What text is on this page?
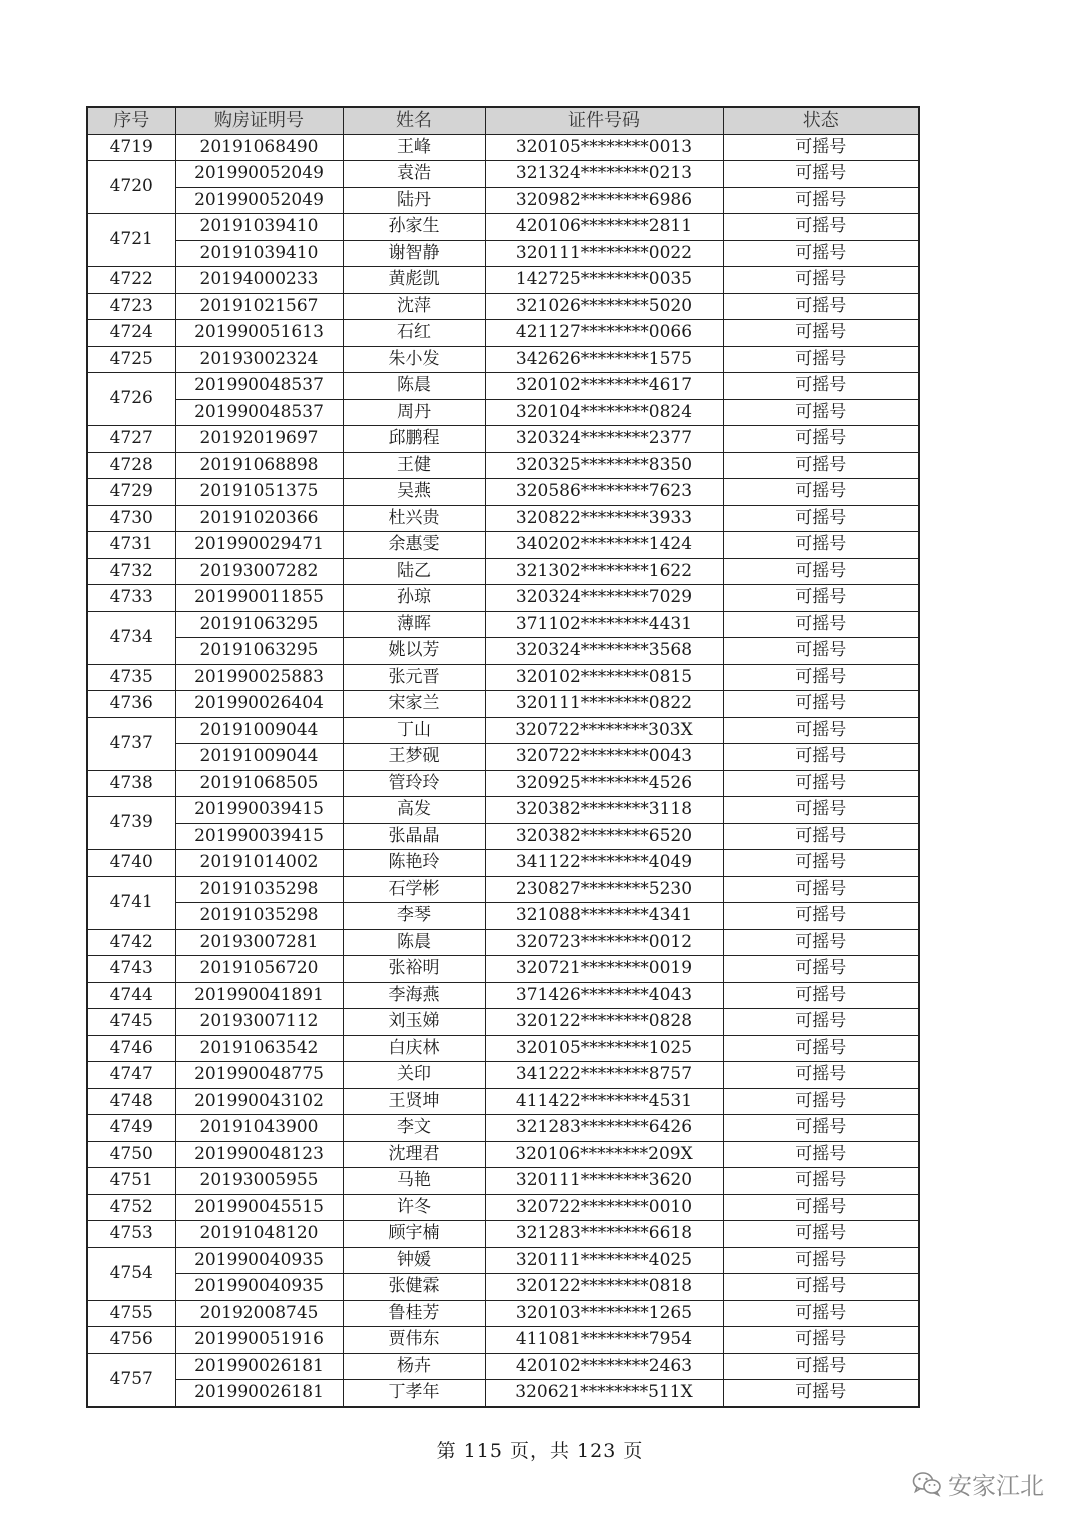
序号	购房证明号	姓名	证件号码	状态
4719	20191068490	王峰	320105********0013	可摇号
4720	201990052049	袁浩	321324********0213	可摇号
	201990052049	陆丹	320982********6986	可摇号
4721	20191039410	孙家生	420106********2811	可摇号
	20191039410	谢智静	320111********0022	可摇号
4722	20194000233	黄彪凯	142725********0035	可摇号
4723	20191021567	沈萍	321026********5020	可摇号
4724	201990051613	石红	421127********0066	可摇号
4725	20193002324	朱小发	342626********1575	可摇号
4726	201990048537	陈晨	320102********4617	可摇号
	201990048537	周丹	320104********0824	可摇号
4727	20192019697	邱鹏程	320324********2377	可摇号
4728	20191068898	王健	320325********8350	可摇号
4729	20191051375	吴燕	320586********7623	可摇号
4730	20191020366	杜兴贵	320822********3933	可摇号
4731	201990029471	余惠雯	340202********1424	可摇号
4732	20193007282	陆乙	321302********1622	可摇号
4733	201990011855	孙琼	320324********7029	可摇号
4734	20191063295	薄晖	371102********4431	可摇号
	20191063295	姚以芳	320324********3568	可摇号
4735	201990025883	张元晋	320102********0815	可摇号
4736	201990026404	宋家兰	320111********0822	可摇号
4737	20191009044	丁山	320722********303X	可摇号
	20191009044	王梦砚	320722********0043	可摇号
4738	20191068505	管玲玲	320925********4526	可摇号
4739	201990039415	高发	320382********3118	可摇号
	201990039415	张晶晶	320382********6520	可摇号
4740	20191014002	陈艳玲	341122********4049	可摇号
4741	20191035298	石学彬	230827********5230	可摇号
	20191035298	李琴	321088********4341	可摇号
4742	20193007281	陈晨	320723********0012	可摇号
4743	20191056720	张裕明	320721********0019	可摇号
4744	201990041891	李海燕	371426********4043	可摇号
4745	20193007112	刘玉娣	320122********0828	可摇号
4746	20191063542	白庆林	320105********1025	可摇号
4747	201990048775	关印	341222********8757	可摇号
4748	201990043102	王贤坤	411422********4531	可摇号
4749	20191043900	李文	321283********6426	可摇号
4750	201990048123	沈理君	320106********209X	可摇号
4751	20193005955	马艳	320111********3620	可摇号
4752	201990045515	许冬	320722********0010	可摇号
4753	20191048120	顾宇楠	321283********6618	可摇号
4754	201990040935	钟媛	320111********4025	可摇号
	201990040935	张健霖	320122********0818	可摇号
4755	20192008745	鲁桂芳	320103********1265	可摇号
4756	201990051916	贾伟东	411081********7954	可摇号
4757	201990026181	杨卉	420102********2463	可摇号
	201990026181	丁孝年	320621********511X	可摇号
第 115 页，共 123 页
安家江北
